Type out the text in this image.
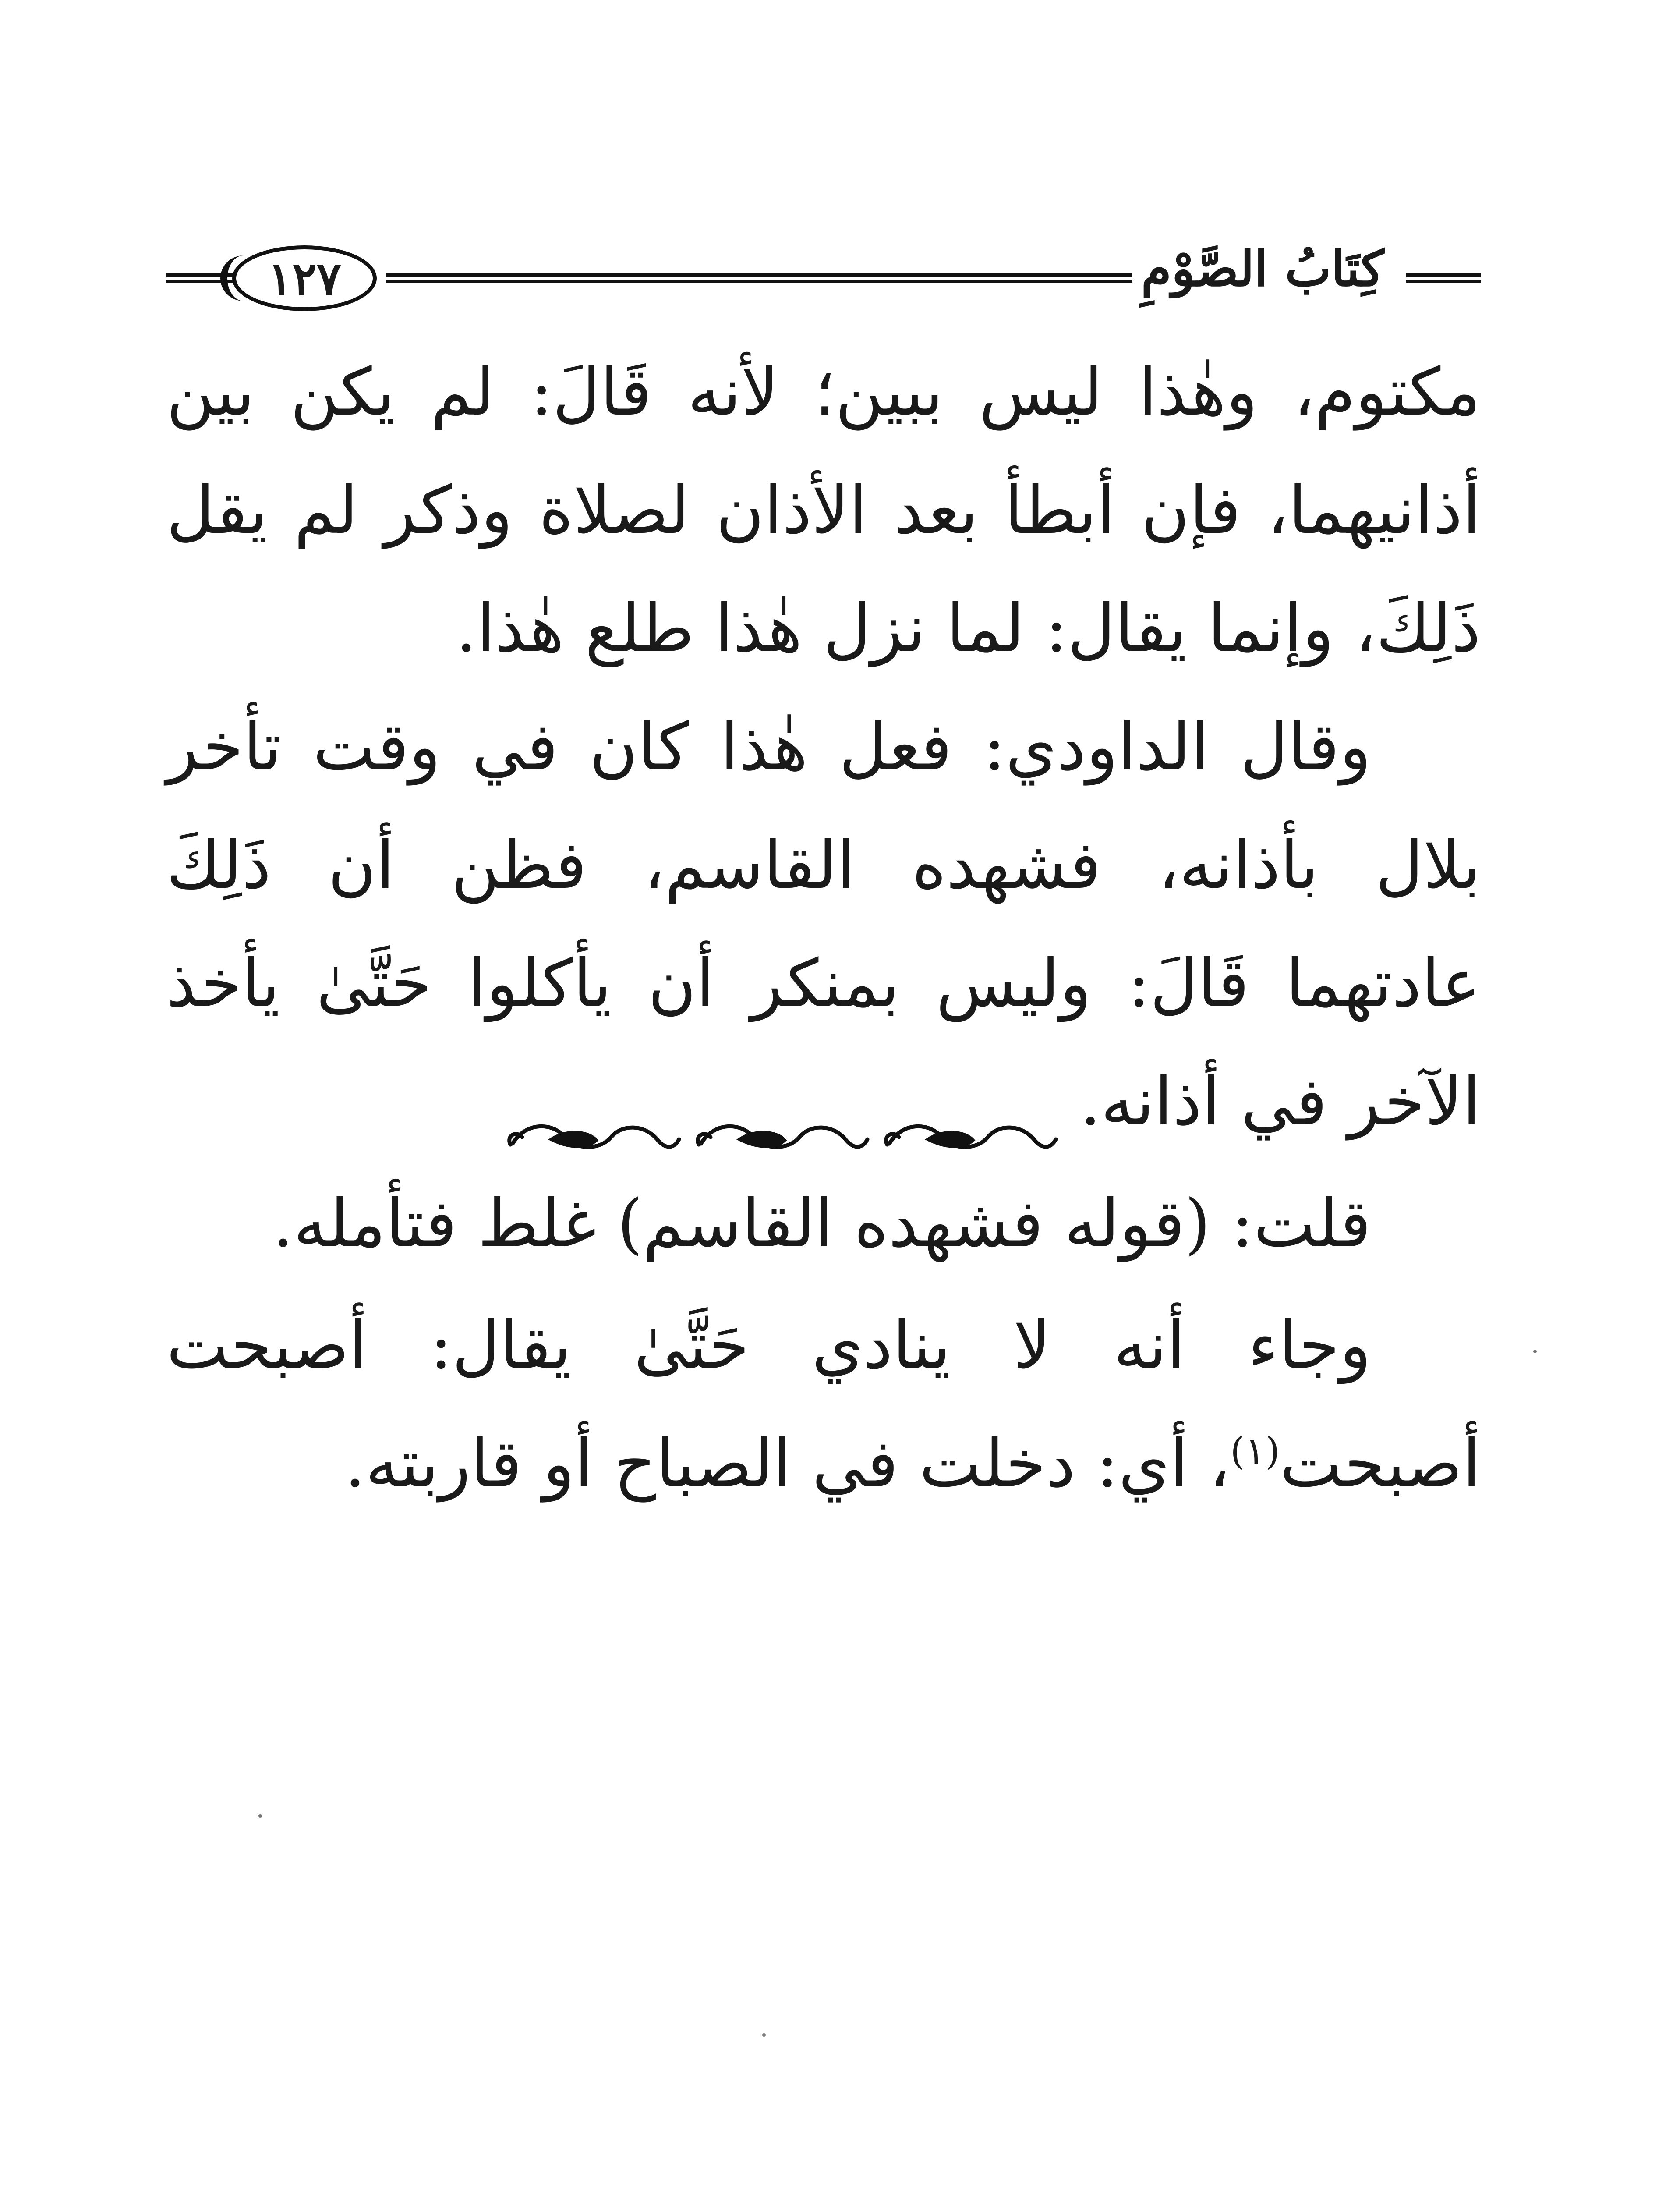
١٢٧	كِتَابُ الصَّوْمِ

مكتوم، وهٰذا ليس ببين؛ لأنه قَالَ: لم يكن بين أذانيهما، فإن أبطأ بعد الأذان لصلاة وذكر لم يقل ذَلِكَ، وإنما يقال: لما نزل هٰذا طلع هٰذا.

وقال الداودي: فعل هٰذا كان في وقت تأخر بلال بأذانه، فشهده القاسم، فظن أن ذَلِكَ عادتهما قَالَ: وليس بمنكر أن يأكلوا حَتَّىٰ يأخذ الآخر في أذانه.

قلت: (قوله فشهده القاسم) غلط فتأمله.

وجاء أنه لا ينادي حَتَّىٰ يقال: أصبحت أصبحت$^{(١)}$، أي: دخلت في الصباح أو قاربته.
